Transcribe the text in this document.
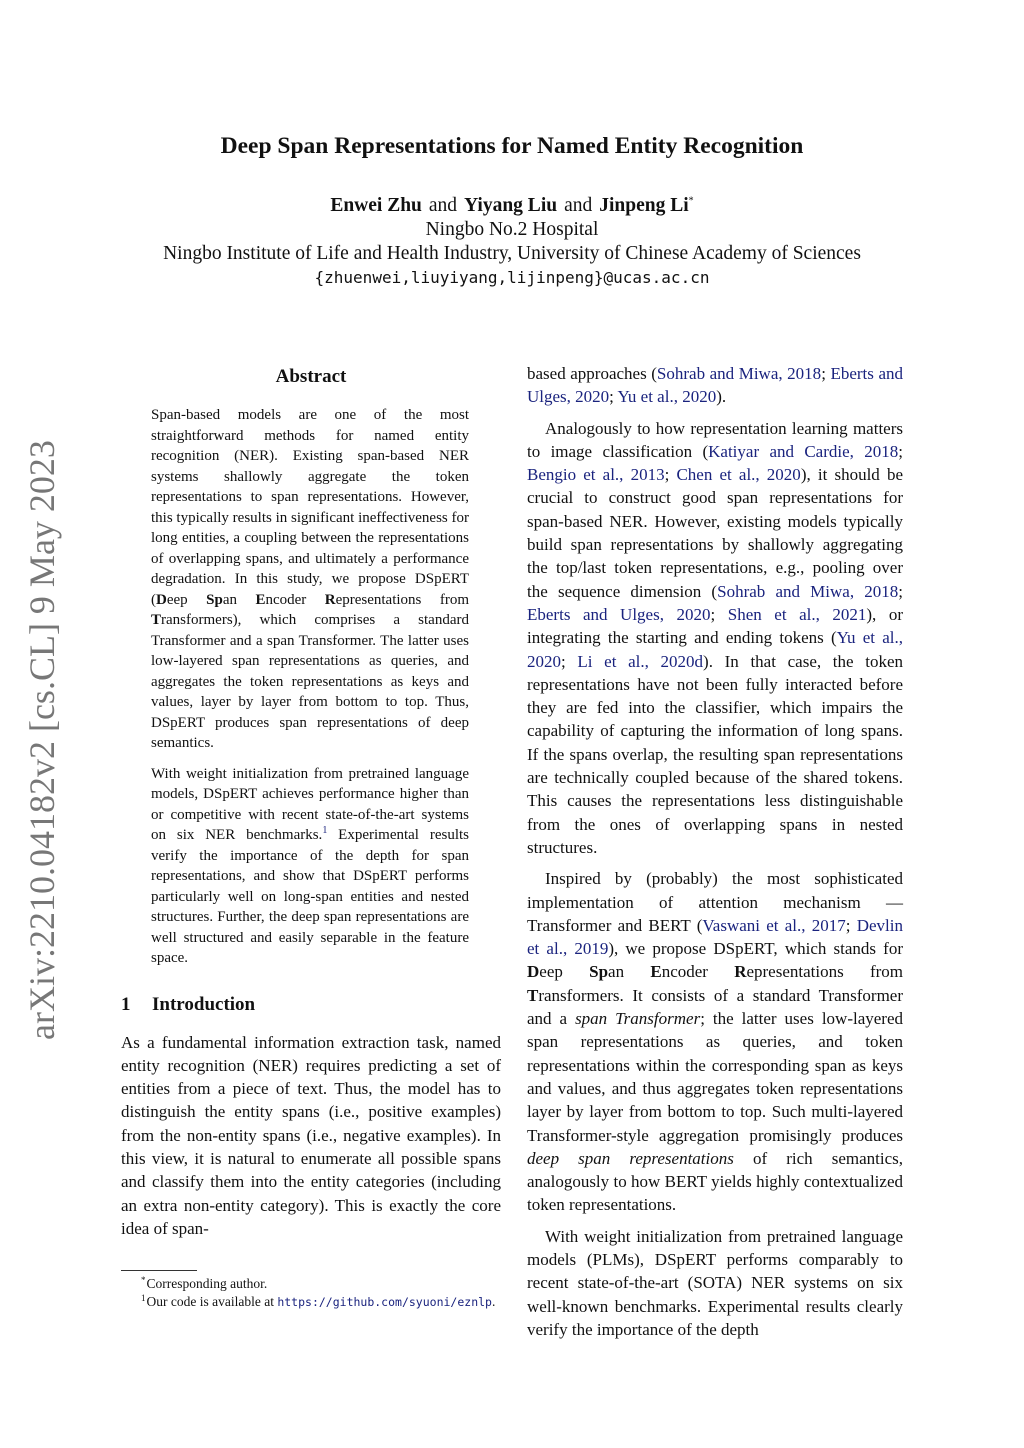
arXiv:2210.04182v2 [cs.CL] 9 May 2023
Deep Span Representations for Named Entity Recognition
Enwei Zhu and Yiyang Liu and Jinpeng Li*
Ningbo No.2 Hospital
Ningbo Institute of Life and Health Industry, University of Chinese Academy of Sciences
{zhuenwei,liuyiyang,lijinpeng}@ucas.ac.cn
Abstract

Span-based models are one of the most straightforward methods for named entity recognition (NER). Existing span-based NER systems shallowly aggregate the token representations to span representations. However, this typically results in significant ineffectiveness for long entities, a coupling between the representations of overlapping spans, and ultimately a performance degradation. In this study, we propose DSpERT (Deep Span Encoder Representations from Transformers), which comprises a standard Transformer and a span Transformer. The latter uses low-layered span representations as queries, and aggregates the token representations as keys and values, layer by layer from bottom to top. Thus, DSpERT produces span representations of deep semantics.

With weight initialization from pretrained language models, DSpERT achieves performance higher than or competitive with recent state-of-the-art systems on six NER benchmarks.$^1$ Experimental results verify the importance of the depth for span representations, and show that DSpERT performs particularly well on long-span entities and nested structures. Further, the deep span representations are well structured and easily separable in the feature space.

1 Introduction

As a fundamental information extraction task, named entity recognition (NER) requires predicting a set of entities from a piece of text. Thus, the model has to distinguish the entity spans (i.e., positive examples) from the non-entity spans (i.e., negative examples). In this view, it is natural to enumerate all possible spans and classify them into the entity categories (including an extra non-entity category). This is exactly the core idea of span-

based approaches (Sohrab and Miwa, 2018; Eberts and Ulges, 2020; Yu et al., 2020).

Analogously to how representation learning matters to image classification (Katiyar and Cardie, 2018; Bengio et al., 2013; Chen et al., 2020), it should be crucial to construct good span representations for span-based NER. However, existing models typically build span representations by shallowly aggregating the top/last token representations, e.g., pooling over the sequence dimension (Sohrab and Miwa, 2018; Eberts and Ulges, 2020; Shen et al., 2021), or integrating the starting and ending tokens (Yu et al., 2020; Li et al., 2020d). In that case, the token representations have not been fully interacted before they are fed into the classifier, which impairs the capability of capturing the information of long spans. If the spans overlap, the resulting span representations are technically coupled because of the shared tokens. This causes the representations less distinguishable from the ones of overlapping spans in nested structures.

Inspired by (probably) the most sophisticated implementation of attention mechanism — Transformer and BERT (Vaswani et al., 2017; Devlin et al., 2019), we propose DSpERT, which stands for Deep Span Encoder Representations from Transformers. It consists of a standard Transformer and a span Transformer; the latter uses low-layered span representations as queries, and token representations within the corresponding span as keys and values, and thus aggregates token representations layer by layer from bottom to top. Such multi-layered Transformer-style aggregation promisingly produces deep span representations of rich semantics, analogously to how BERT yields highly contextualized token representations.

With weight initialization from pretrained language models (PLMs), DSpERT performs comparably to recent state-of-the-art (SOTA) NER systems on six well-known benchmarks. Experimental results clearly verify the importance of the depth

*Corresponding author.

$^1$Our code is available at https://github.com/syuoni/eznlp.
